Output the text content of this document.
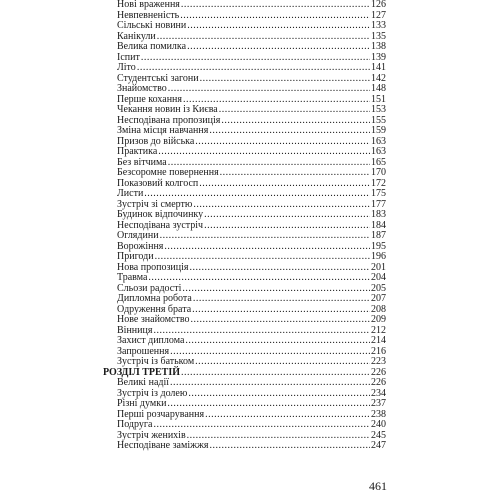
Нові враження .....	126
Невпевненість .....	127
Сільські новини .....	133
Канікули .....	135
Велика помилка .....	138
Іспит .....	139
Літо .....	141
Студентські загони .....	142
Знайомство .....	148
Перше кохання .....	151
Чекання новин із Києва .....	153
Несподівана пропозиція .....	155
Зміна місця навчання .....	159
Призов до війська .....	163
Практика .....	163
Без вітчима .....	165
Безсоромне повернення .....	170
Показовий колгосп .....	172
Листи .....	175
Зустріч зі смертю .....	177
Будинок відпочинку .....	183
Несподівана зустріч .....	184
Оглядини .....	187
Ворожіння .....	195
Пригоди .....	196
Нова пропозиція .....	201
Травма .....	204
Сльози радості .....	205
Дипломна робота .....	207
Одруження брата .....	208
Нове знайомство .....	209
Вінниця .....	212
Захист диплома .....	214
Запрошення .....	216
Зустріч із батьком .....	223
РОЗДІЛ ТРЕТІЙ .....	226
Великі надії .....	226
Зустріч із долею .....	234
Різні думки .....	237
Перші розчарування .....	238
Подруга .....	240
Зустріч женихів .....	245
Несподіване заміжжя .....	247
461
